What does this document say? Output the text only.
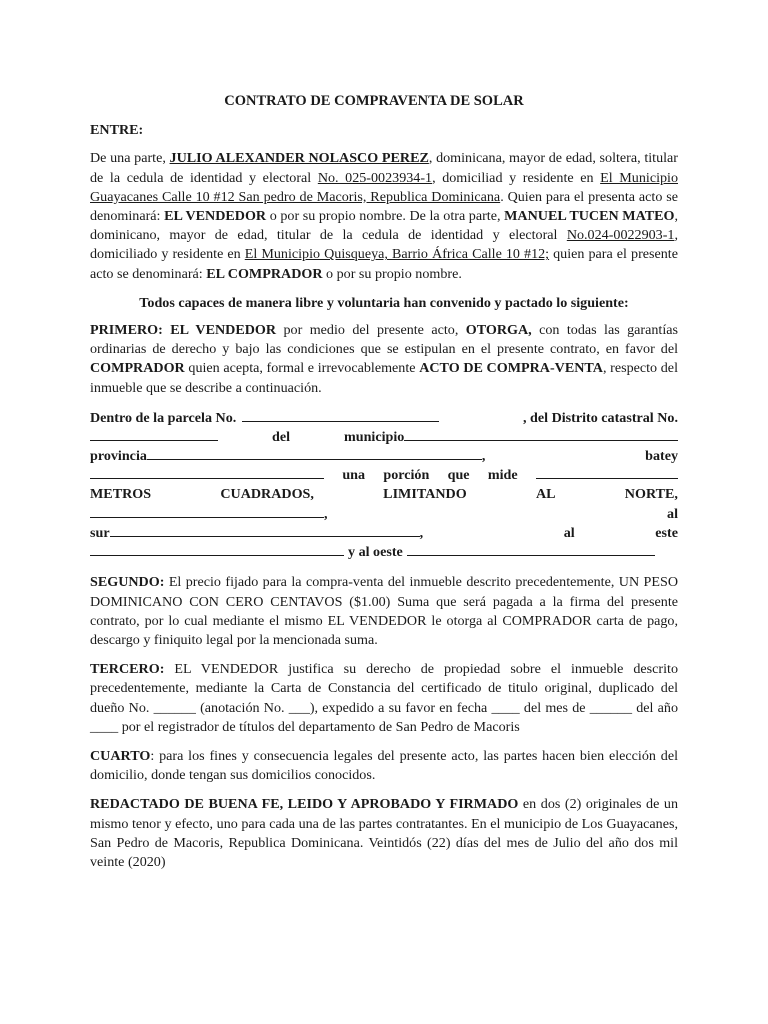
CONTRATO DE COMPRAVENTA DE SOLAR
ENTRE:

De una parte, JULIO ALEXANDER NOLASCO PEREZ, dominicana, mayor de edad, soltera, titular de la cedula de identidad y electoral No. 025-0023934-1, domiciliad y residente en El Municipio Guayacanes Calle 10 #12 San pedro de Macoris, Republica Dominicana. Quien para el presenta acto se denominará: EL VENDEDOR o por su propio nombre. De la otra parte, MANUEL TUCEN MATEO, dominicano, mayor de edad, titular de la cedula de identidad y electoral No.024-0022903-1, domiciliado y residente en El Municipio Quisqueya, Barrio África Calle 10 #12; quien para el presente acto se denominará: EL COMPRADOR o por su propio nombre.

Todos capaces de manera libre y voluntaria han convenido y pactado lo siguiente:

PRIMERO: EL VENDEDOR por medio del presente acto, OTORGA, con todas las garantías ordinarias de derecho y bajo las condiciones que se estipulan en el presente contrato, en favor del COMPRADOR quien acepta, formal e irrevocablemente ACTO DE COMPRA-VENTA, respecto del inmueble que se describe a continuación.

Dentro de la parcela No.	, del Distrito catastral No.
del	municipio
provincia	,	batey
una porción que mide
METROS	CUADRADOS,	LIMITANDO	AL	NORTE,
,	al
sur	,	al	este
y al oeste

SEGUNDO: El precio fijado para la compra-venta del inmueble descrito precedentemente, UN PESO DOMINICANO CON CERO CENTAVOS ($1.00) Suma que será pagada a la firma del presente contrato, por lo cual mediante el mismo EL VENDEDOR le otorga al COMPRADOR carta de pago, descargo y finiquito legal por la mencionada suma.

TERCERO: EL VENDEDOR justifica su derecho de propiedad sobre el inmueble descrito precedentemente, mediante la Carta de Constancia del certificado de titulo original, duplicado del dueño No. ______ (anotación No. ___), expedido a su favor en fecha ____ del mes de ______ del año ____ por el registrador de títulos del departamento de San Pedro de Macoris

CUARTO: para los fines y consecuencia legales del presente acto, las partes hacen bien elección del domicilio, donde tengan sus domicilios conocidos.

REDACTADO DE BUENA FE, LEIDO Y APROBADO Y FIRMADO en dos (2) originales de un mismo tenor y efecto, uno para cada una de las partes contratantes. En el municipio de Los Guayacanes, San Pedro de Macoris, Republica Dominicana. Veintidós (22) días del mes de Julio del año dos mil veinte (2020)
